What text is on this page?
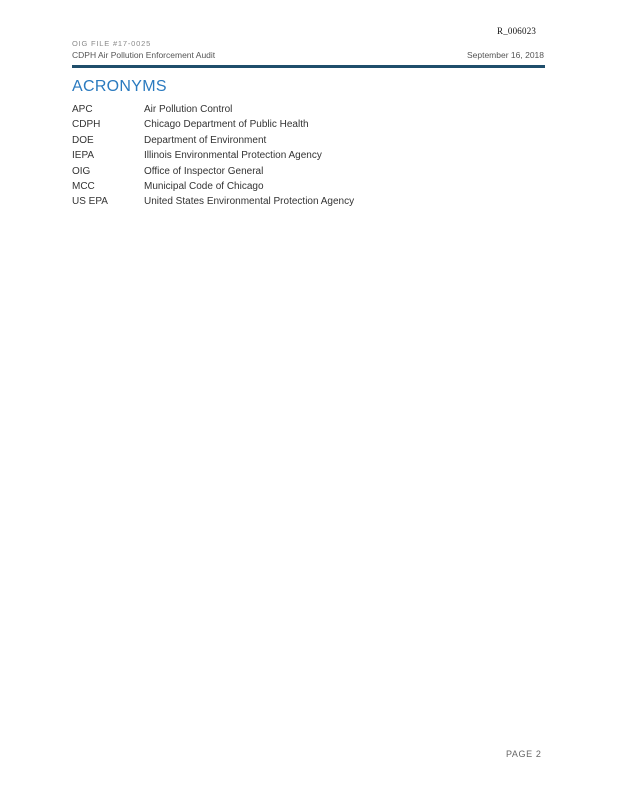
R_006023
OIG FILE #17-0025
CDPH Air Pollution Enforcement Audit	September 16, 2018
ACRONYMS
APC	Air Pollution Control
CDPH	Chicago Department of Public Health
DOE	Department of Environment
IEPA	Illinois Environmental Protection Agency
OIG	Office of Inspector General
MCC	Municipal Code of Chicago
US EPA	United States Environmental Protection Agency
PAGE 2
